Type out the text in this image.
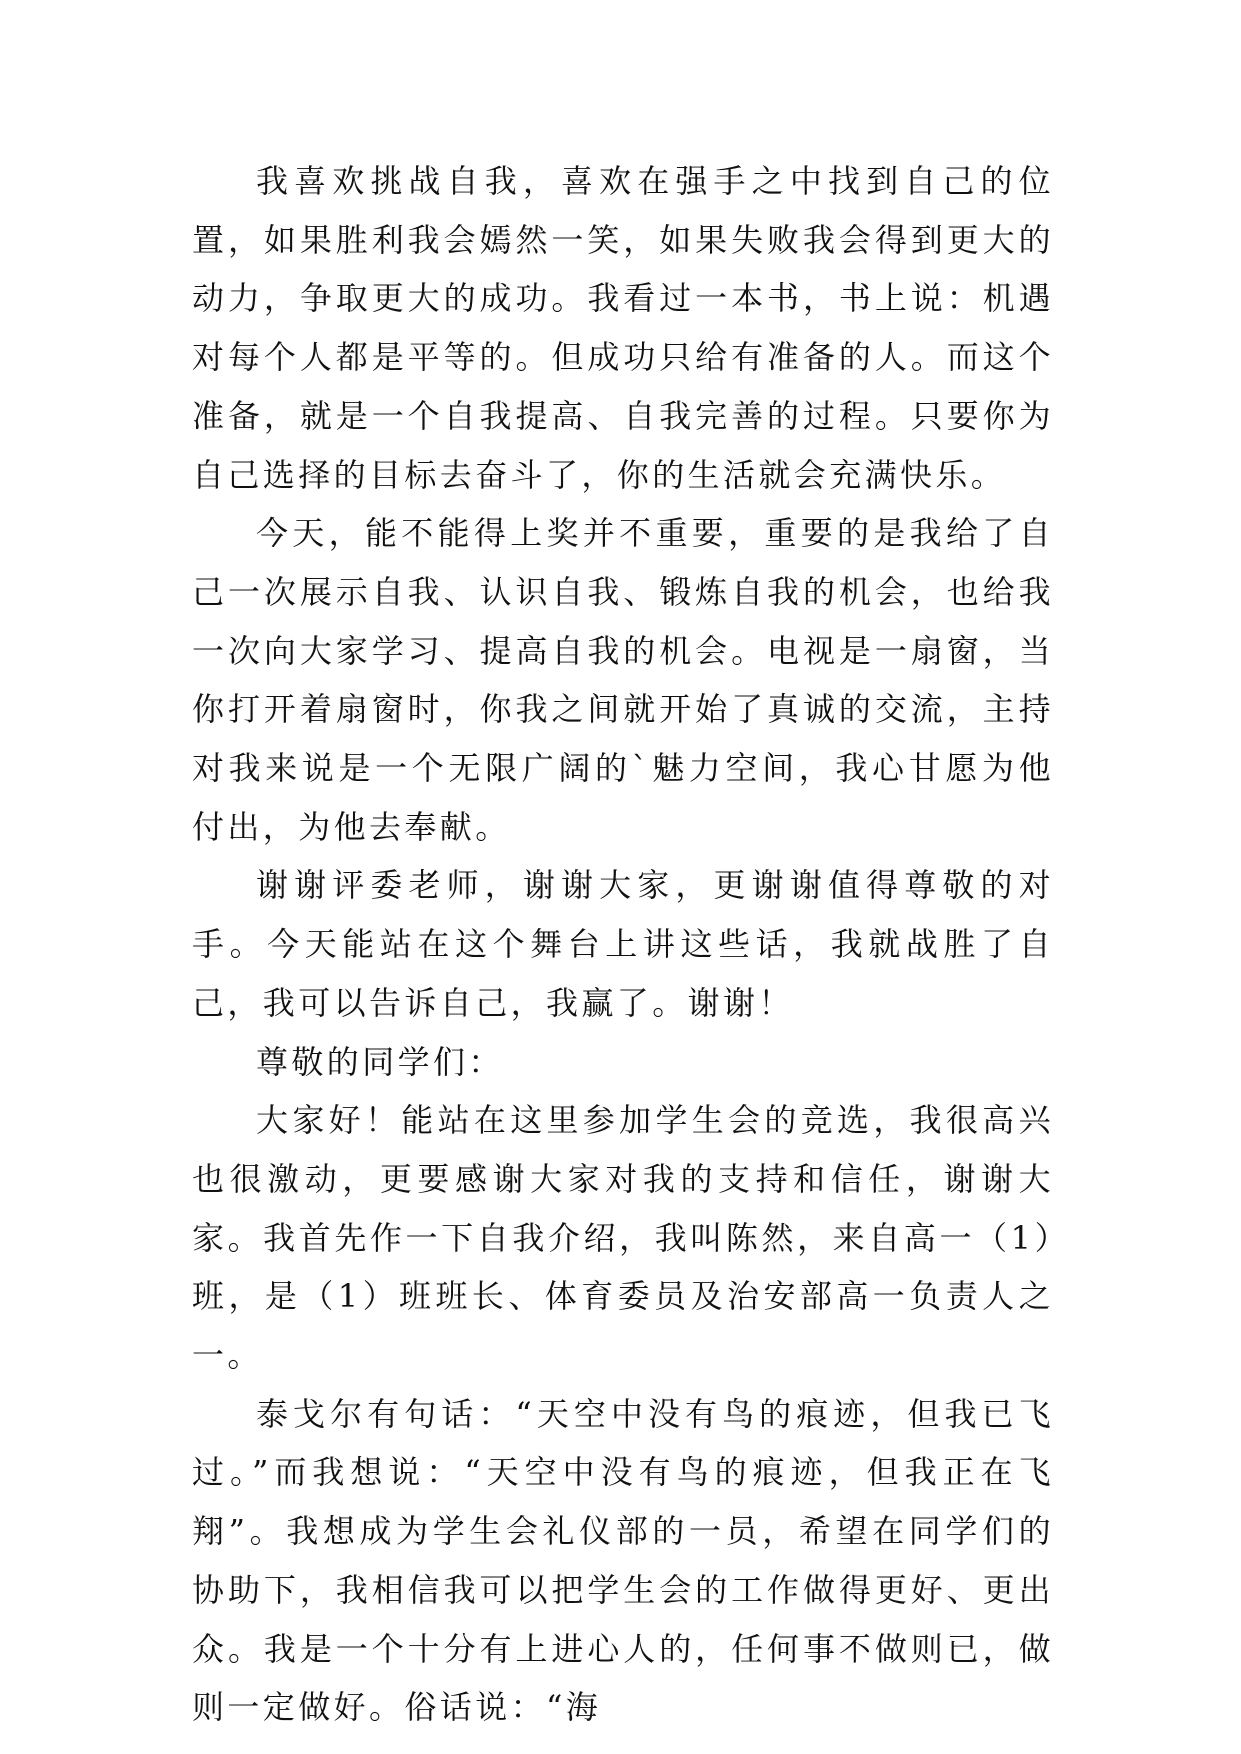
我喜欢挑战自我，喜欢在强手之中找到自己的位置，如果胜利我会嫣然一笑，如果失败我会得到更大的动力，争取更大的成功。我看过一本书，书上说：机遇对每个人都是平等的。但成功只给有准备的人。而这个准备，就是一个自我提高、自我完善的过程。只要你为自己选择的目标去奋斗了，你的生活就会充满快乐。

今天，能不能得上奖并不重要，重要的是我给了自己一次展示自我、认识自我、锻炼自我的机会，也给我一次向大家学习、提高自我的机会。电视是一扇窗，当你打开着扇窗时，你我之间就开始了真诚的交流，主持对我来说是一个无限广阔的`魅力空间，我心甘愿为他付出，为他去奉献。

谢谢评委老师，谢谢大家，更谢谢值得尊敬的对手。今天能站在这个舞台上讲这些话，我就战胜了自己，我可以告诉自己，我赢了。谢谢！

尊敬的同学们：

大家好！能站在这里参加学生会的竞选，我很高兴也很激动，更要感谢大家对我的支持和信任，谢谢大家。我首先作一下自我介绍，我叫陈然，来自高一（1）班，是（1）班班长、体育委员及治安部高一负责人之一。

泰戈尔有句话：“天空中没有鸟的痕迹，但我已飞过。”而我想说：“天空中没有鸟的痕迹，但我正在飞翔”。我想成为学生会礼仪部的一员，希望在同学们的协助下，我相信我可以把学生会的工作做得更好、更出众。我是一个十分有上进心人的，任何事不做则已，做则一定做好。俗话说：“海
